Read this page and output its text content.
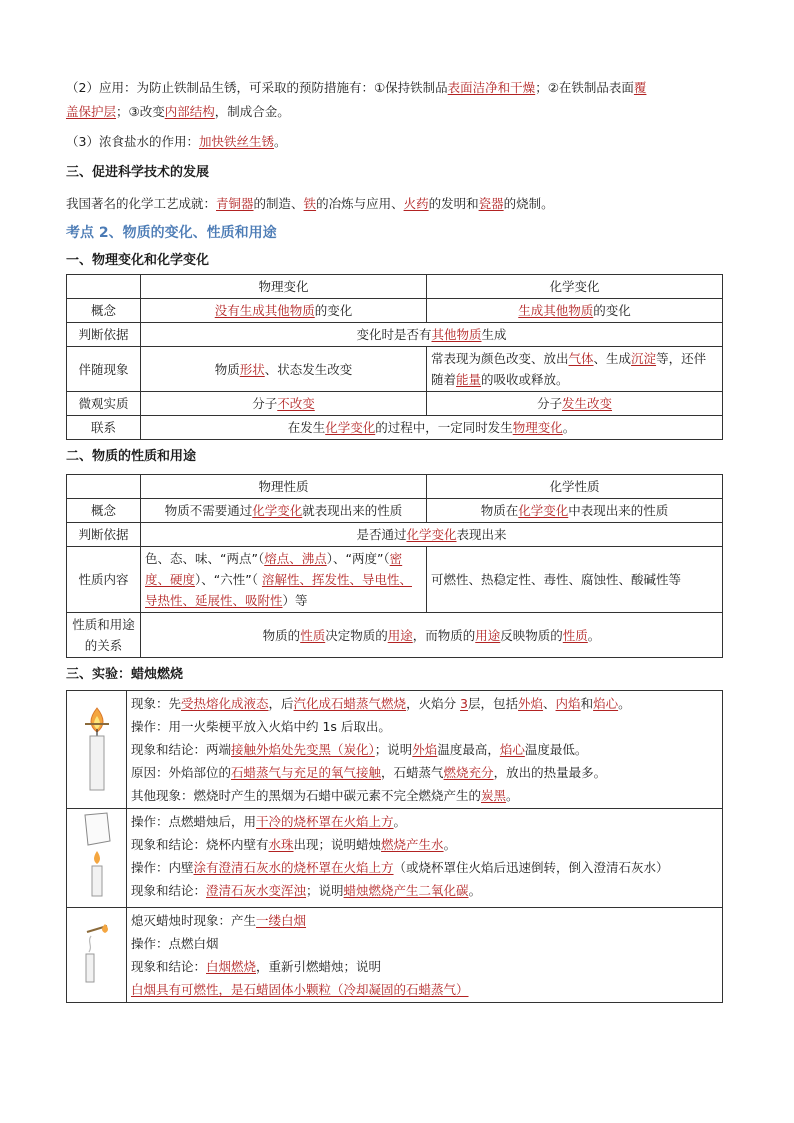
（2）应用：为防止铁制品生锈，可采取的预防措施有：①保持铁制品表面洁净和干燥；②在铁制品表面覆
盖保护层；③改变内部结构，制成合金。

（3）浓食盐水的作用：加快铁丝生锈。

三、促进科学技术的发展

我国著名的化学工艺成就：青铜器的制造、铁的冶炼与应用、火药的发明和瓷器的烧制。

考点 2、物质的变化、性质和用途
一、物理变化和化学变化
	物理变化	化学变化
概念	没有生成其他物质的变化	生成其他物质的变化
判断依据	变化时是否有其他物质生成	
伴随现象	物质形状、状态发生改变	常表现为颜色改变、放出气体、生成沉淀等，还伴随着能量的吸收或释放。
微观实质	分子不改变	分子发生改变
联系	在发生化学变化的过程中，一定同时发生物理变化。	
二、物质的性质和用途
	物理性质	化学性质
概念	物质不需要通过化学变化就表现出来的性质	物质在化学变化中表现出来的性质
判断依据	是否通过化学变化表现出来	
性质内容	色、态、味、“两点”（熔点、沸点）、“两度”（密度、硬度）、“六性”（ 溶解性、挥发性、导电性、导热性、延展性、吸附性）等	可燃性、热稳定性、毒性、腐蚀性、酸碱性等
性质和用途的关系	物质的性质决定物质的用途，而物质的用途反映物质的性质。	
三、实验：蜡烛燃烧

现象：先受热熔化成液态，后汽化成石蜡蒸气燃烧，火焰分 3层，包括外焰、内焰和焰心。

操作：用一火柴梗平放入火焰中约 1s 后取出。

现象和结论：两端接触外焰处先变黑（炭化）；说明外焰温度最高，焰心温度最低。

原因：外焰部位的石蜡蒸气与充足的氧气接触，石蜡蒸气燃烧充分，放出的热量最多。

其他现象：燃烧时产生的黑烟为石蜡中碳元素不完全燃烧产生的炭黑。

操作：点燃蜡烛后，用干冷的烧杯罩在火焰上方。

现象和结论：烧杯内壁有水珠出现；说明蜡烛燃烧产生水。

操作：内壁涂有澄清石灰水的烧杯罩在火焰上方（或烧杯罩住火焰后迅速倒转，倒入澄清石灰水）

现象和结论：澄清石灰水变浑浊；说明蜡烛燃烧产生二氧化碳。

熄灭蜡烛时现象：产生一缕白烟

操作：点燃白烟

现象和结论：白烟燃烧，重新引燃蜡烛；说明白烟具有可燃性，是石蜡固体小颗粒（冷却凝固的石蜡蒸气）
